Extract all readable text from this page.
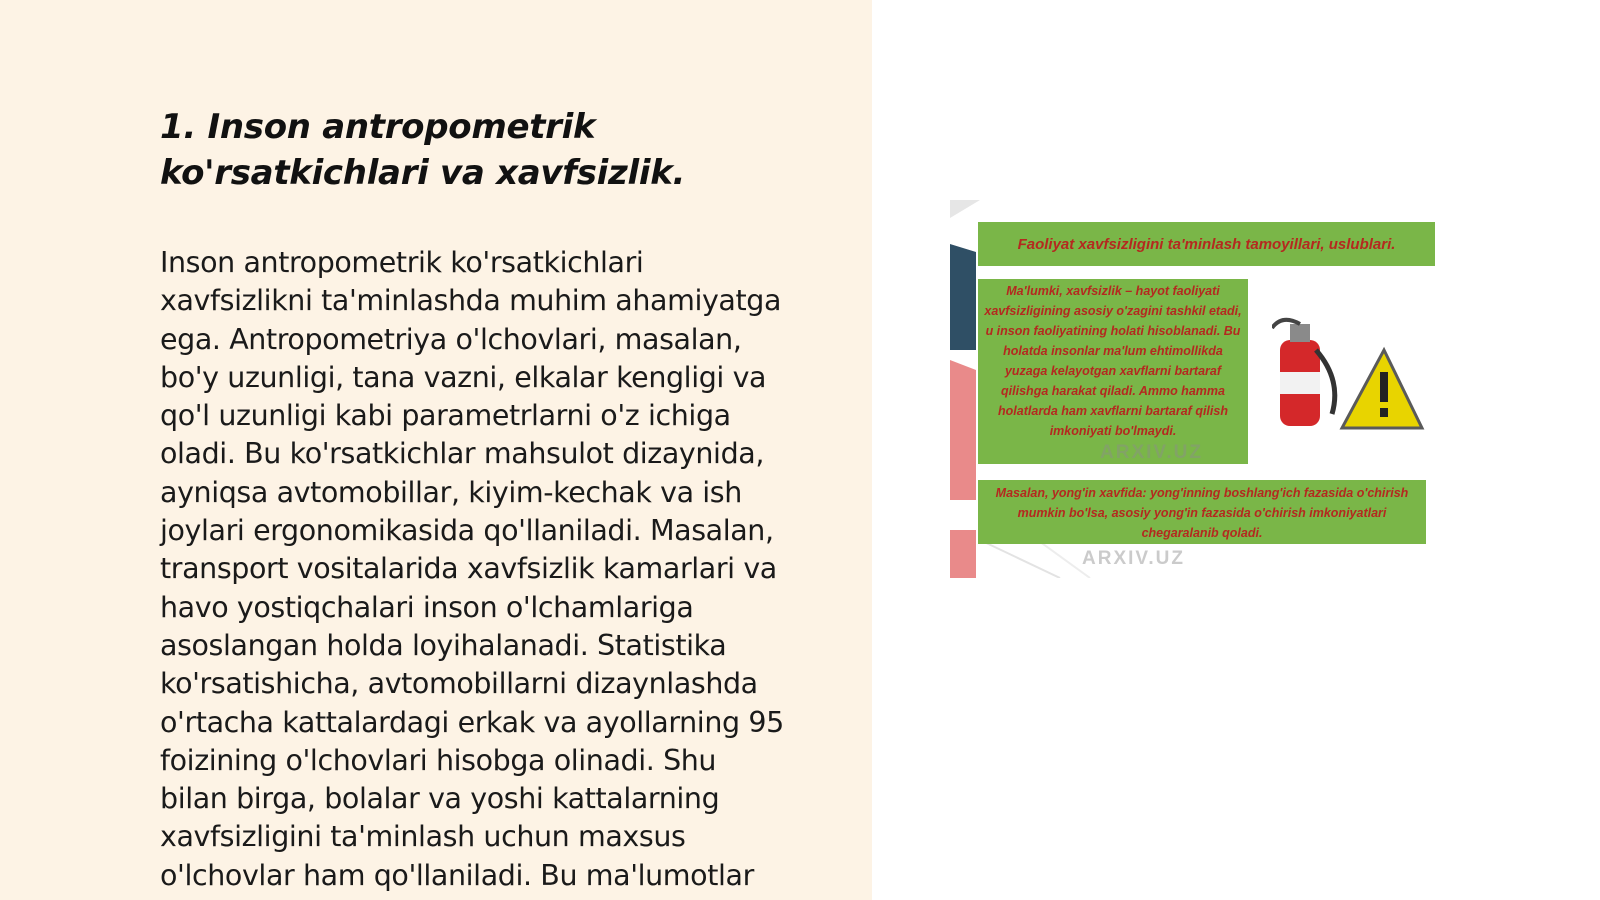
1. Inson antropometrik ko'rsatkichlari va xavfsizlik.
Inson antropometrik ko'rsatkichlari
xavfsizlikni ta'minlashda muhim ahamiyatga
ega. Antropometriya o'lchovlari, masalan,
bo'y uzunligi, tana vazni, elkalar kengligi va
qo'l uzunligi kabi parametrlarni o'z ichiga
oladi. Bu ko'rsatkichlar mahsulot dizaynida,
ayniqsa avtomobillar, kiyim-kechak va ish
joylari ergonomikasida qo'llaniladi. Masalan,
transport vositalarida xavfsizlik kamarlari va
havo yostiqchalari inson o'lchamlariga
asoslangan holda loyihalanadi. Statistika
ko'rsatishicha, avtomobillarni dizaynlashda
o'rtacha kattalardagi erkak va ayollarning 95
foizining o'lchovlari hisobga olinadi. Shu
bilan birga, bolalar va yoshi kattalarning
xavfsizligini ta'minlash uchun maxsus
o'lchovlar ham qo'llaniladi. Bu ma'lumotlar
Faoliyat xavfsizligini ta'minlash tamoyillari, uslublari.
Ma'lumki, xavfsizlik – hayot faoliyati xavfsizligining asosiy o'zagini tashkil etadi, u inson faoliyatining holati hisoblanadi. Bu holatda insonlar ma'lum ehtimollikda yuzaga kelayotgan xavflarni bartaraf qilishga harakat qiladi. Ammo hamma holatlarda ham xavflarni bartaraf qilish imkoniyati bo'lmaydi.
Masalan, yong'in xavfida: yong'inning boshlang'ich fazasida o'chirish mumkin bo'lsa, asosiy yong'in fazasida o'chirish imkoniyatlari chegaralanib qoladi.
ARXIV.UZ
ARXIV.UZ
